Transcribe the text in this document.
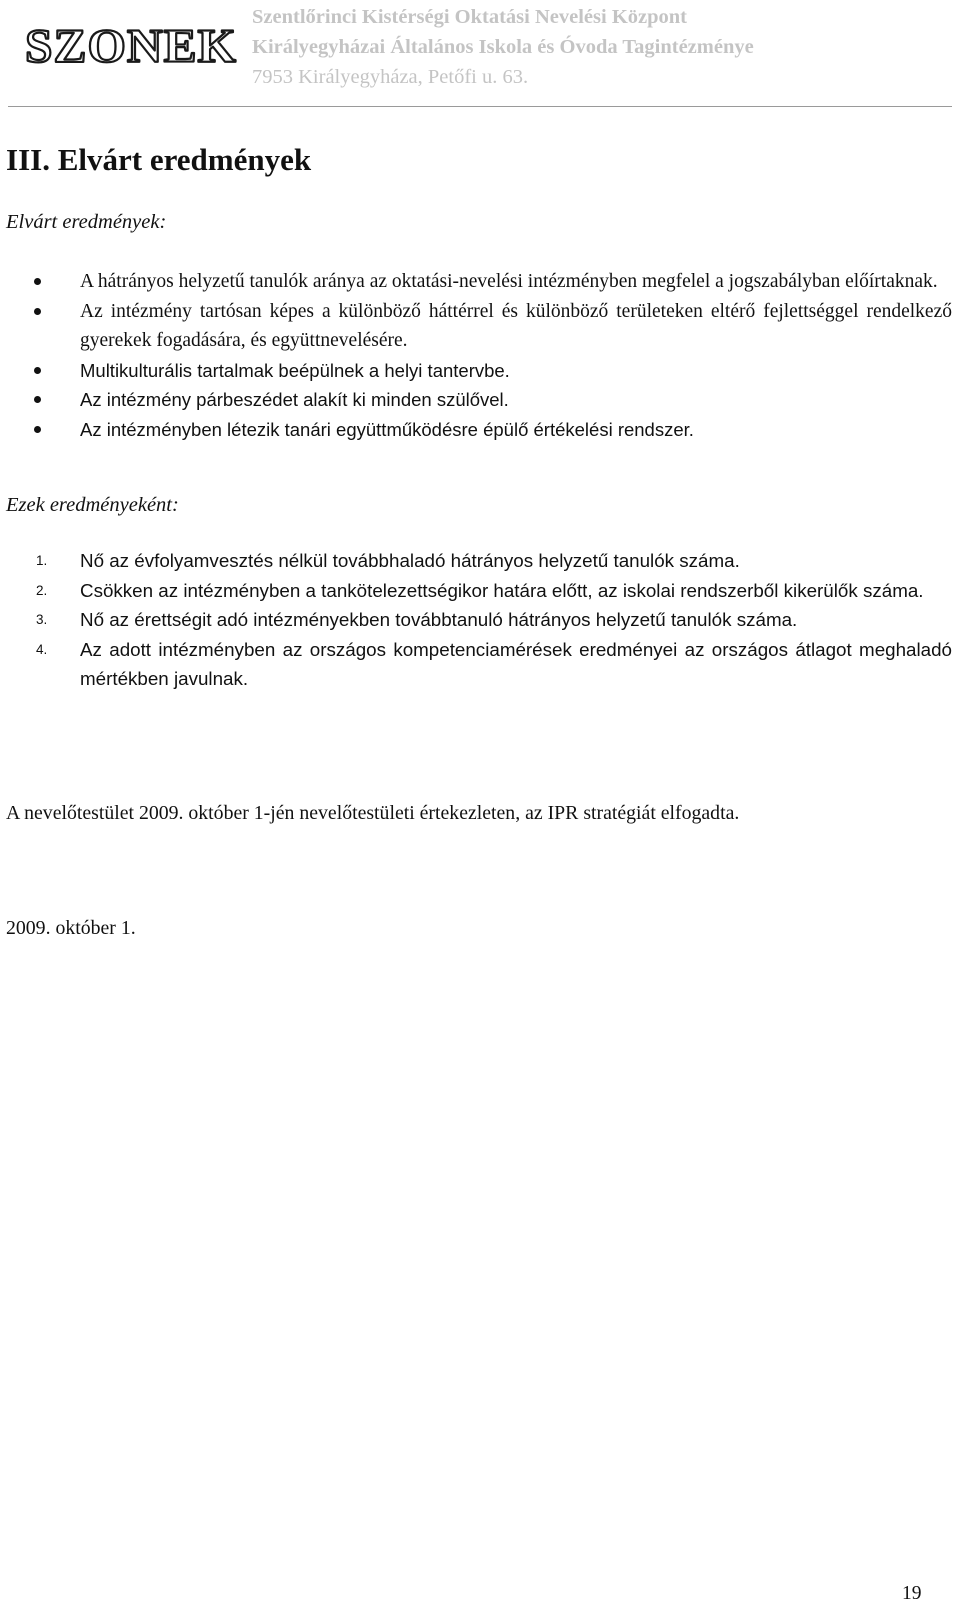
SZONEK
Szentlőrinci Kistérségi Oktatási Nevelési Központ
Királyegyházai Általános Iskola és Óvoda Tagintézménye
7953 Királyegyháza, Petőfi u. 63.
III. Elvárt eredmények
Elvárt eredmények:
A hátrányos helyzetű tanulók aránya az oktatási-nevelési intézményben megfelel a jogszabályban előírtaknak.
Az intézmény tartósan képes a különböző háttérrel és különböző területeken eltérő fejlettséggel rendelkező gyerekek fogadására, és együttnevelésére.
Multikulturális tartalmak beépülnek a helyi tantervbe.
Az intézmény párbeszédet alakít ki minden szülővel.
Az intézményben létezik tanári együttműködésre épülő értékelési rendszer.
Ezek eredményeként:
1. Nő az évfolyamvesztés nélkül továbbhaladó hátrányos helyzetű tanulók száma.
2. Csökken az intézményben a tankötelezettségikor határa előtt, az iskolai rendszerből kikerülők száma.
3. Nő az érettségit adó intézményekben továbbtanuló hátrányos helyzetű tanulók száma.
4. Az adott intézményben az országos kompetenciamérések eredményei az országos átlagot meghaladó mértékben javulnak.
A nevelőtestület 2009. október 1-jén nevelőtestületi értekezleten, az IPR stratégiát elfogadta.
2009. október 1.
19
